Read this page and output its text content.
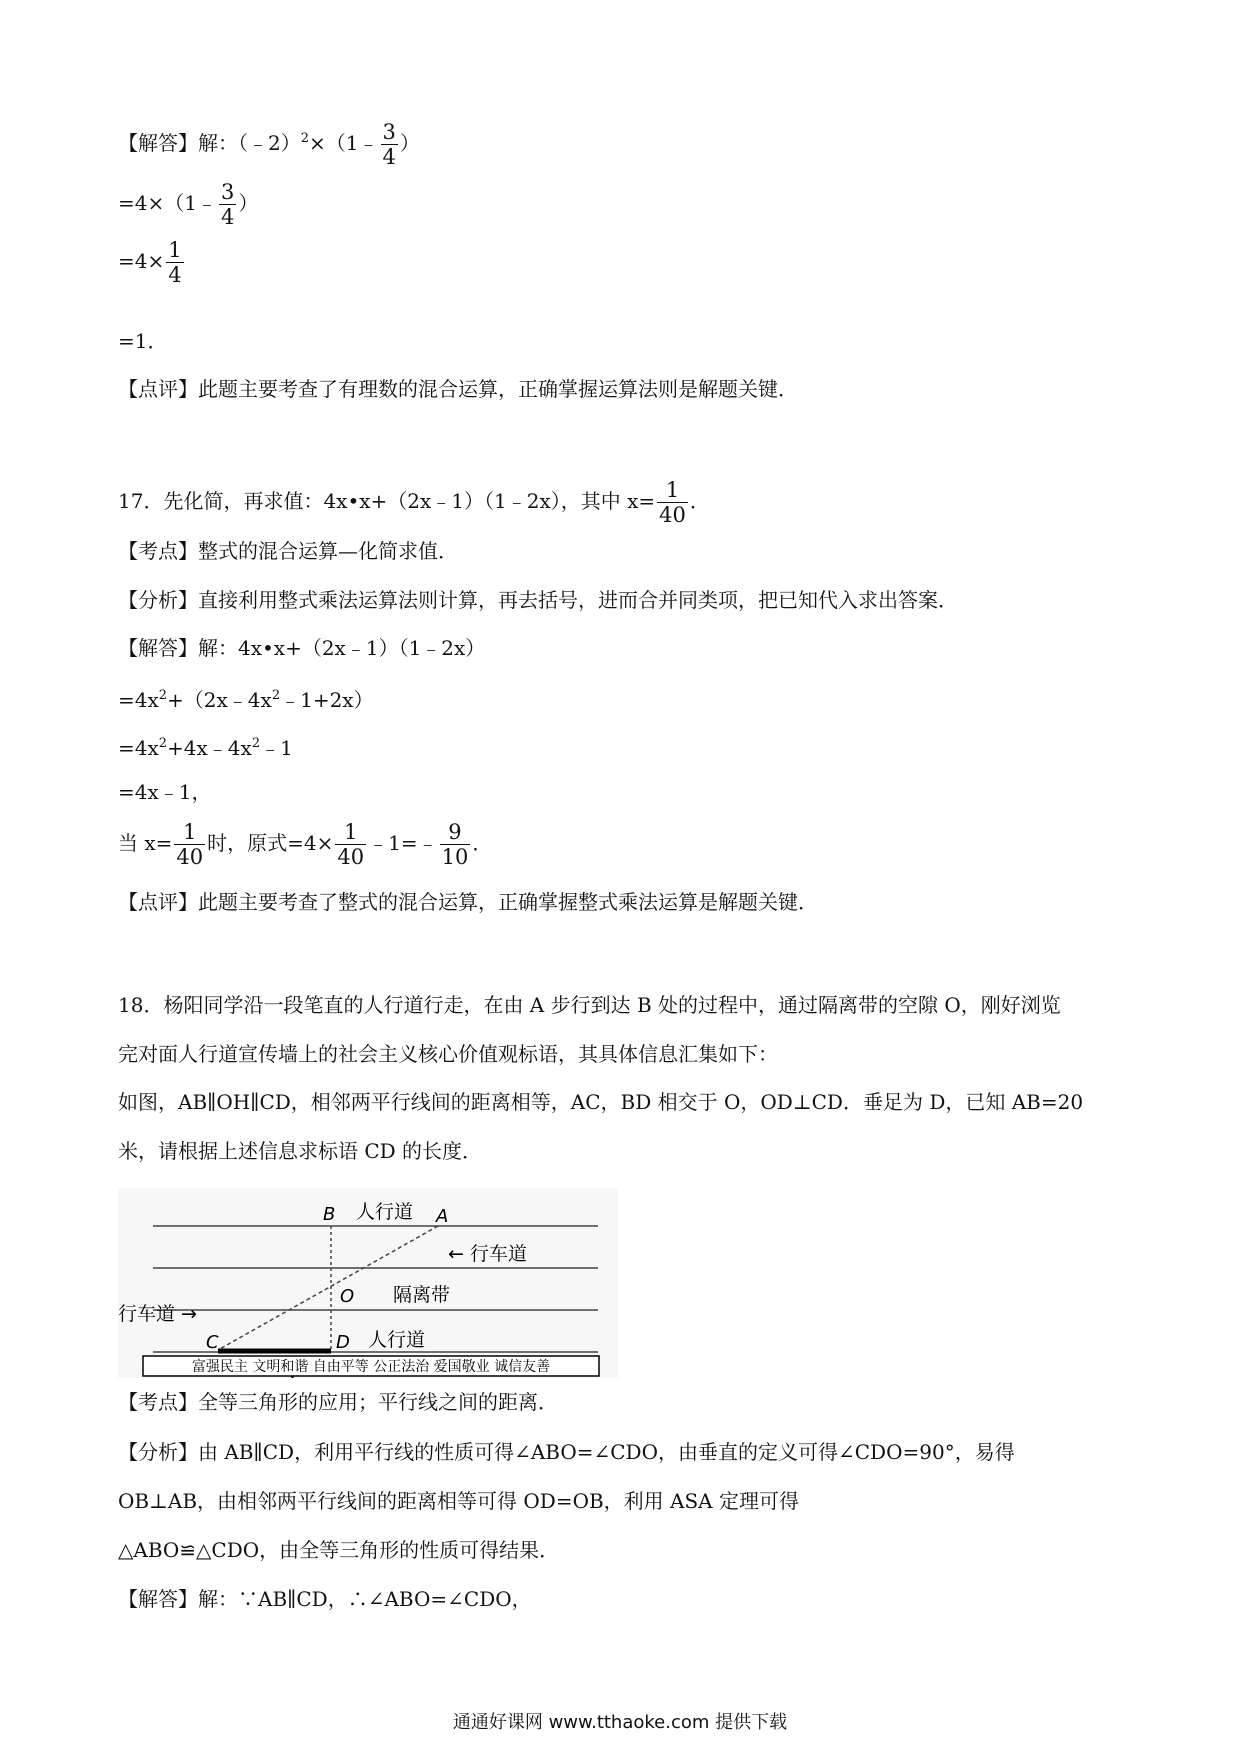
【解答】解：（﹣2）$^2$×（1﹣ $\frac{3}{4}$ ）
=4×（1﹣ $\frac{3}{4}$ ）
$=4\times \frac{1}{4}$
=1．
【点评】此题主要考查了有理数的混合运算，正确掌握运算法则是解题关键．
17．先化简，再求值：4x•x+（2x﹣1）（1﹣2x），其中 $x= \frac{1}{40}$ ．
【考点】整式的混合运算—化简求值．
【分析】直接利用整式乘法运算法则计算，再去括号，进而合并同类项，把已知代入求出答案．
【解答】解：4x•x+（2x﹣1）（1﹣2x）
$=4x^2+(2x﹣4x^2﹣1+2x)$
$=4x^2+4x﹣4x^2﹣1$
=4x﹣1，
当 $x= \frac{1}{40}$ 时，原式$=4\times \frac{1}{40}$ ﹣1=﹣ $\frac{9}{10}$ ．
【点评】此题主要考查了整式的混合运算，正确掌握整式乘法运算是解题关键．
18．杨阳同学沿一段笔直的人行道行走，在由 A 步行到达 B 处的过程中，通过隔离带的空隙 O，刚好浏览
完对面人行道宣传墙上的社会主义核心价值观标语，其具体信息汇集如下：
如图，AB∥OH∥CD，相邻两平行线间的距离相等，AC，BD 相交于 O，OD⊥CD．垂足为 D，已知 AB=20
米，请根据上述信息求标语 CD 的长度．
B 人行道 A
← 行车道
O 隔离带
行车道 →
C	D 人行道
富强民主 文明和谐 自由平等 公正法治 爱国敬业 诚信友善
【考点】全等三角形的应用；平行线之间的距离．
【分析】由 AB∥CD，利用平行线的性质可得∠ABO=∠CDO，由垂直的定义可得∠CDO=90°，易得
OB⊥AB，由相邻两平行线间的距离相等可得 OD=OB，利用 ASA 定理可得
△ABO≌△CDO，由全等三角形的性质可得结果．
【解答】解：∵AB∥CD，∴∠ABO=∠CDO，
通通好课网 www.tthaoke.com 提供下载
